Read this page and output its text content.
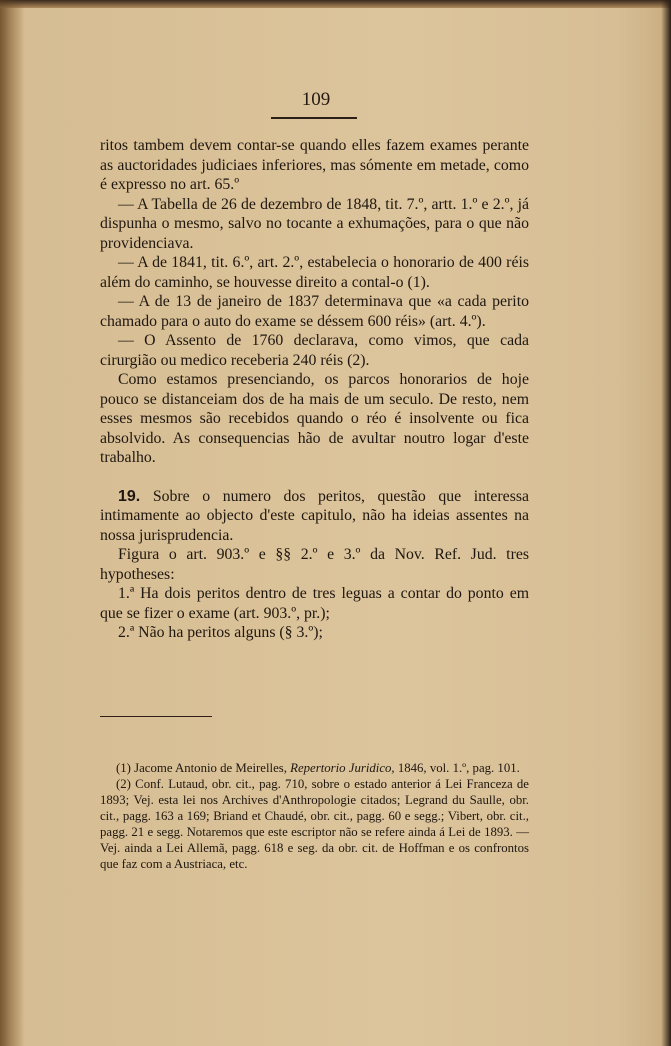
109

ritos tambem devem contar-se quando elles fazem exames perante as auctoridades judiciaes inferiores, mas sómente em metade, como é expresso no art. 65.º

— A Tabella de 26 de dezembro de 1848, tit. 7.º, artt. 1.º e 2.º, já dispunha o mesmo, salvo no tocante a exhumações, para o que não providenciava.

— A de 1841, tit. 6.º, art. 2.º, estabelecia o honorario de 400 réis além do caminho, se houvesse direito a contal-o (1).

— A de 13 de janeiro de 1837 determinava que «a cada perito chamado para o auto do exame se déssem 600 réis» (art. 4.º).

— O Assento de 1760 declarava, como vimos, que cada cirurgião ou medico receberia 240 réis (2).

Como estamos presenciando, os parcos honorarios de hoje pouco se distanceiam dos de ha mais de um seculo. De resto, nem esses mesmos são recebidos quando o réo é insolvente ou fica absolvido. As consequencias hão de avultar noutro logar d'este trabalho.

19. Sobre o numero dos peritos, questão que interessa intimamente ao objecto d'este capitulo, não ha ideias assentes na nossa jurisprudencia.

Figura o art. 903.º e §§ 2.º e 3.º da Nov. Ref. Jud. tres hypotheses:

1.ª Ha dois peritos dentro de tres leguas a contar do ponto em que se fizer o exame (art. 903.º, pr.);

2.ª Não ha peritos alguns (§ 3.º);

(1) Jacome Antonio de Meirelles, Repertorio Juridico, 1846, vol. 1.º, pag. 101.

(2) Conf. Lutaud, obr. cit., pag. 710, sobre o estado anterior á Lei Franceza de 1893; Vej. esta lei nos Archives d'Anthropologie citados; Legrand du Saulle, obr. cit., pagg. 163 a 169; Briand et Chaudé, obr. cit., pagg. 60 e segg.; Vibert, obr. cit., pagg. 21 e segg. Notaremos que este escriptor não se refere ainda á Lei de 1893. — Vej. ainda a Lei Allemã, pagg. 618 e seg. da obr. cit. de Hoffman e os confrontos que faz com a Austriaca, etc.
